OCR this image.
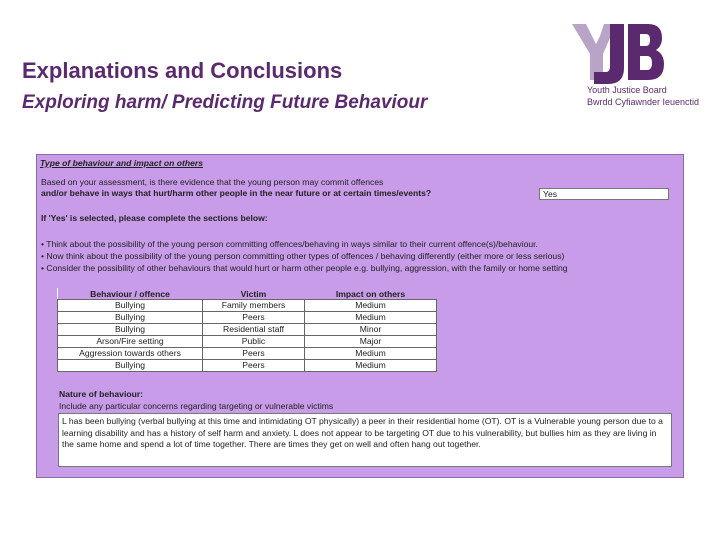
Explanations and Conclusions
Exploring harm/ Predicting Future Behaviour
Youth Justice Board
Bwrdd Cyfiawnder Ieuenctid
Type of behaviour and impact on others
Based on your assessment, is there evidence that the young person may commit offences
and/or behave in ways that hurt/harm other people in the near future or at certain times/events?	Yes
If 'Yes' is selected, please complete the sections below:
• Think about the possibility of the young person committing offences/behaving in ways similar to their current offence(s)/behaviour.
• Now think about the possibility of the young person committing other types of offences / behaving differently (either more or less serious)
• Consider the possibility of other behaviours that would hurt or harm other people e.g. bullying, aggression, with the family or home setting
Behaviour / offence	Victim	Impact on others
Bullying	Family members	Medium
Bullying	Peers	Medium
Bullying	Residential staff	Minor
Arson/Fire setting	Public	Major
Aggression towards others	Peers	Medium
Bullying	Peers	Medium
Nature of behaviour:
Include any particular concerns regarding targeting or vulnerable victims
L has been bullying (verbal bullying at this time and intimidating OT physically) a peer in their residential home (OT). OT is a Vulnerable young person due to a learning disability and has a history of self harm and anxiety. L does not appear to be targeting OT due to his vulnerability, but bullies him as they are living in the same home and spend a lot of time together. There are times they get on well and often hang out together.
